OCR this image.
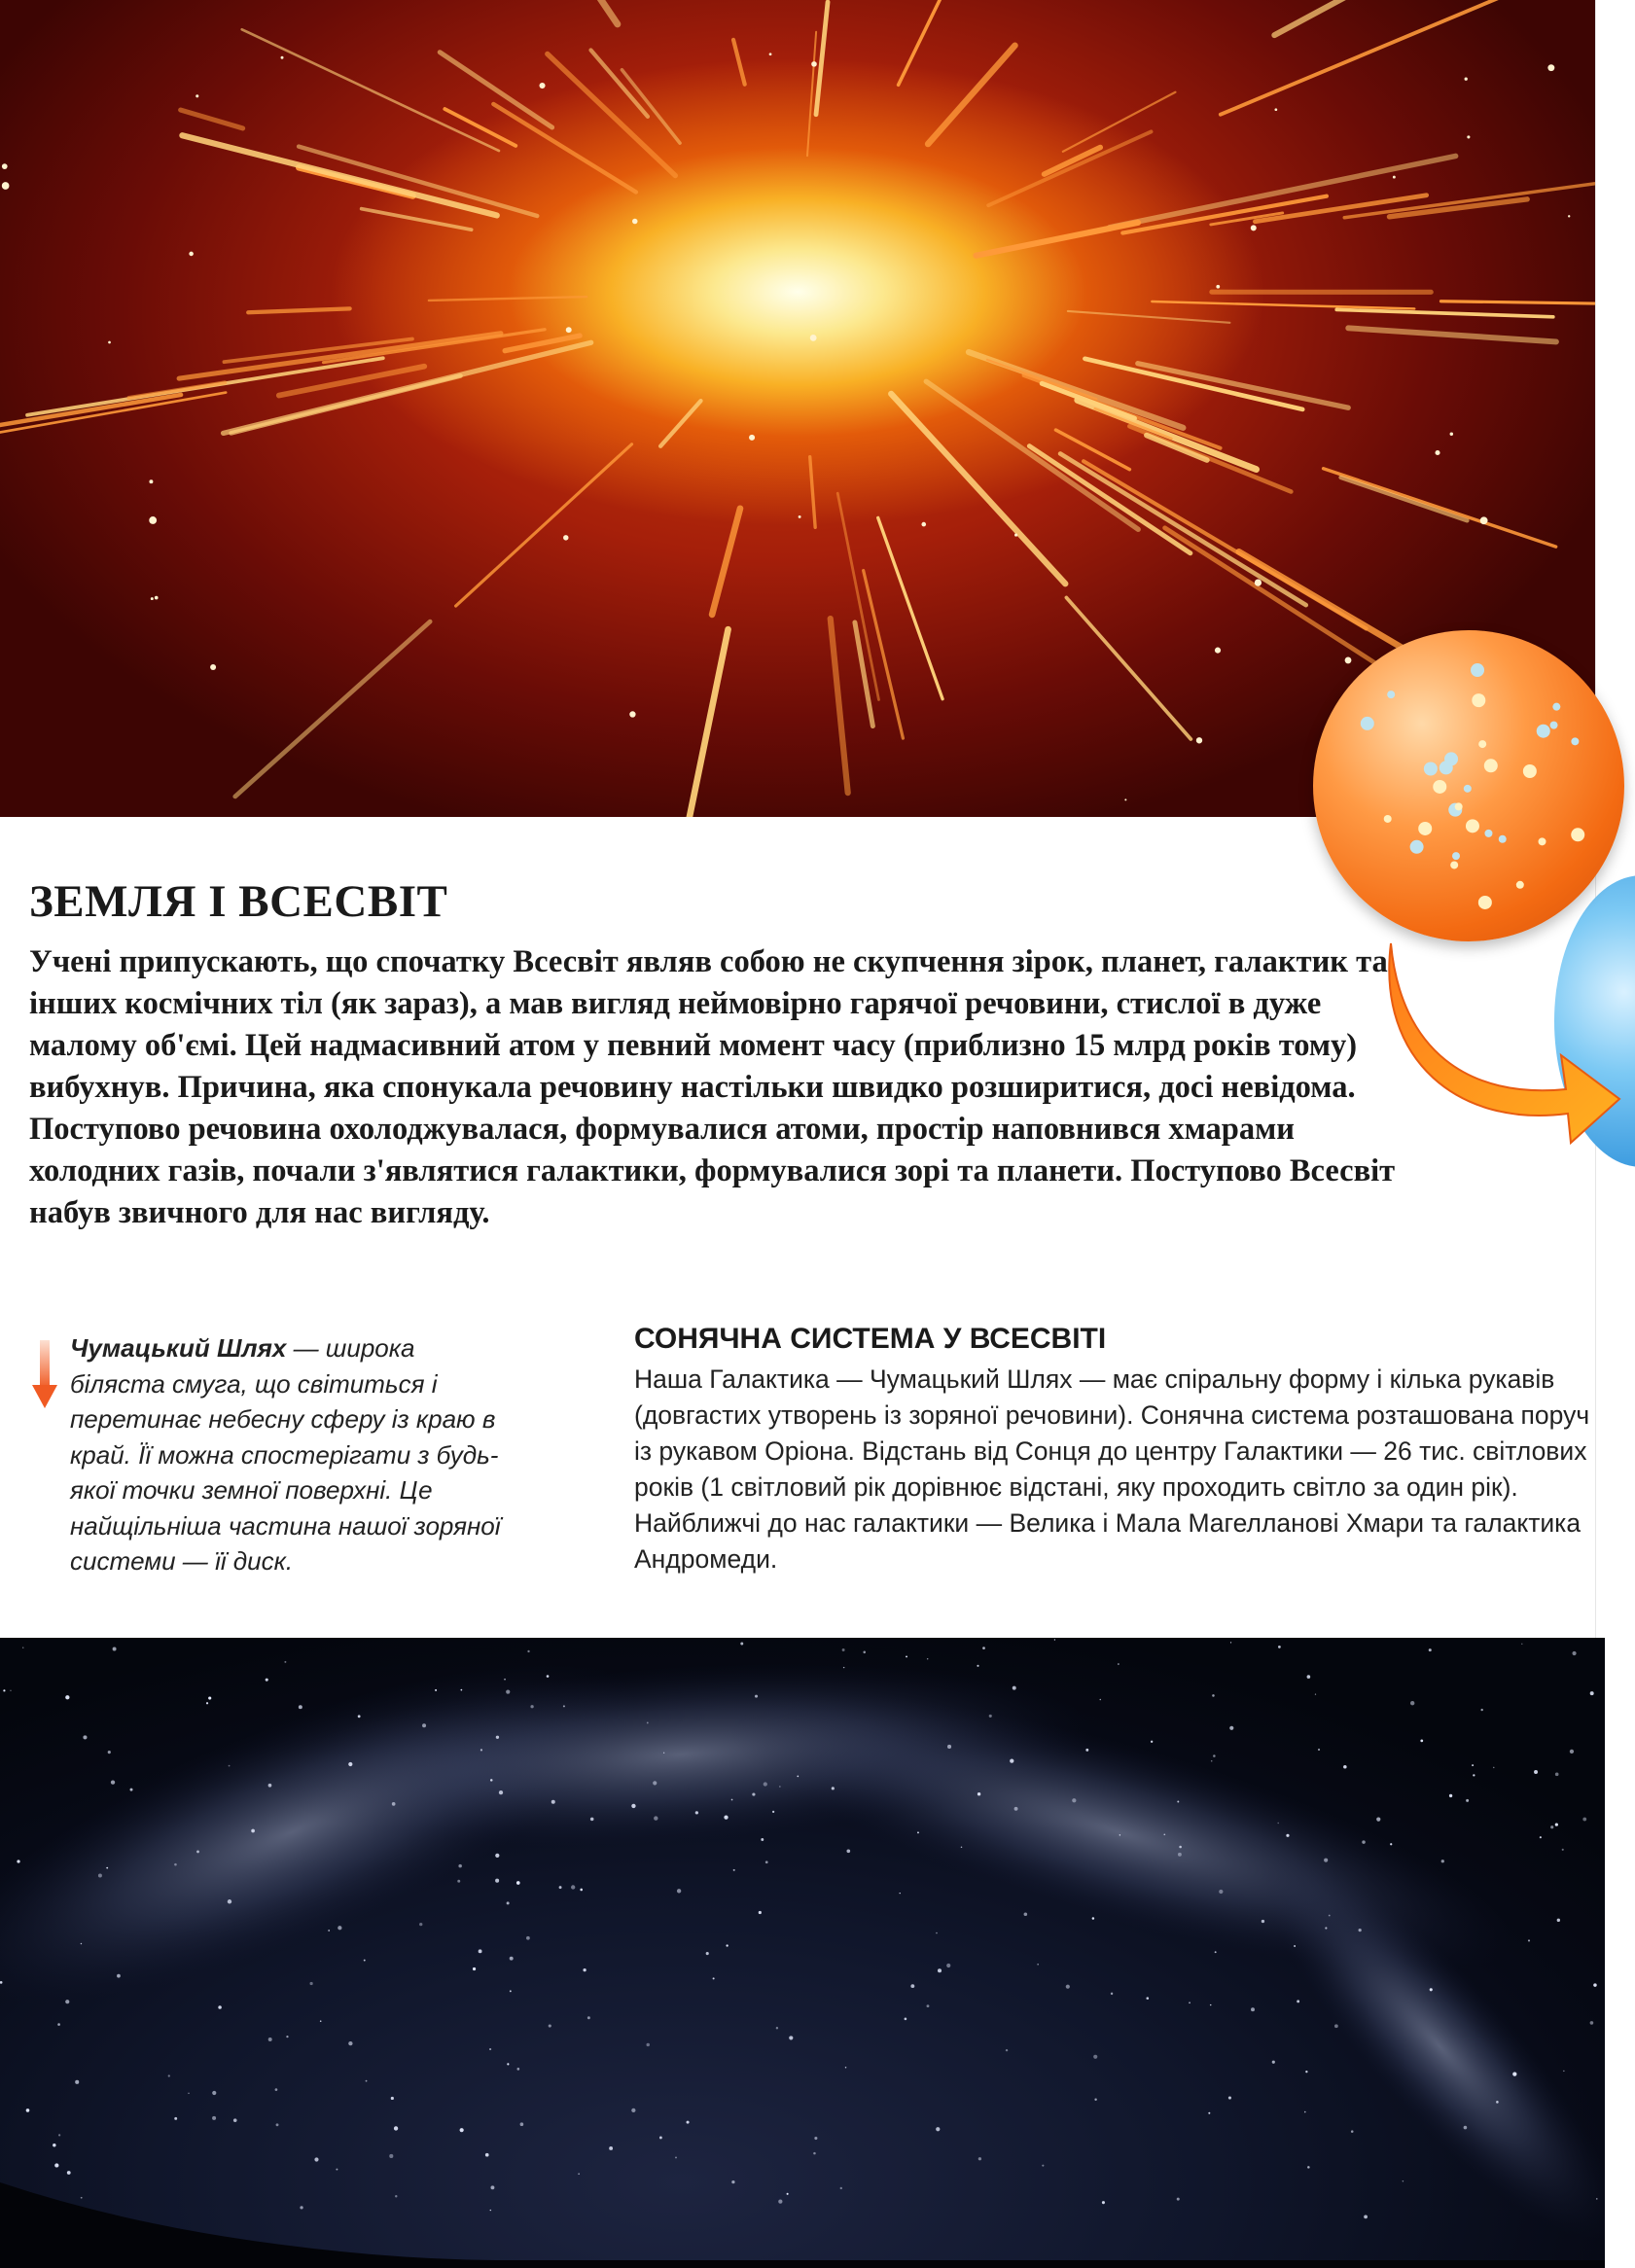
ЗЕМЛЯ І ВСЕСВІТ

Учені припускають, що спочатку Всесвіт являв собою не скупчення зірок, планет, галактик та інших космічних тіл (як зараз), а мав вигляд неймовірно гарячої речовини, стислої в дуже малому об'ємі. Цей надмасивний атом у певний момент часу (приблизно 15 млрд років тому) вибухнув. Причина, яка спонукала речовину настільки швидко розширитися, досі невідома. Поступово речовина охолоджувалася, формувалися атоми, простір наповнився хмарами холодних газів, почали з'являтися галактики, формувалися зорі та планети. Поступово Всесвіт набув звичного для нас вигляду.

Чумацький Шлях — широка біляста смуга, що світиться і перетинає небесну сферу із краю в край. Її можна спостерігати з будь-якої точки земної поверхні. Це найщільніша частина нашої зоряної системи — її диск.

СОНЯЧНА СИСТЕМА У ВСЕСВІТІ

Наша Галактика — Чумацький Шлях — має спіральну форму і кілька рукавів (довгастих утворень із зоряної речовини). Сонячна система розташована поруч із рукавом Оріона. Відстань від Сонця до центру Галактики — 26 тис. світлових років (1 світловий рік дорівнює відстані, яку проходить світло за один рік). Найближчі до нас галактики — Велика і Мала Магелланові Хмари та галактика Андромеди.
